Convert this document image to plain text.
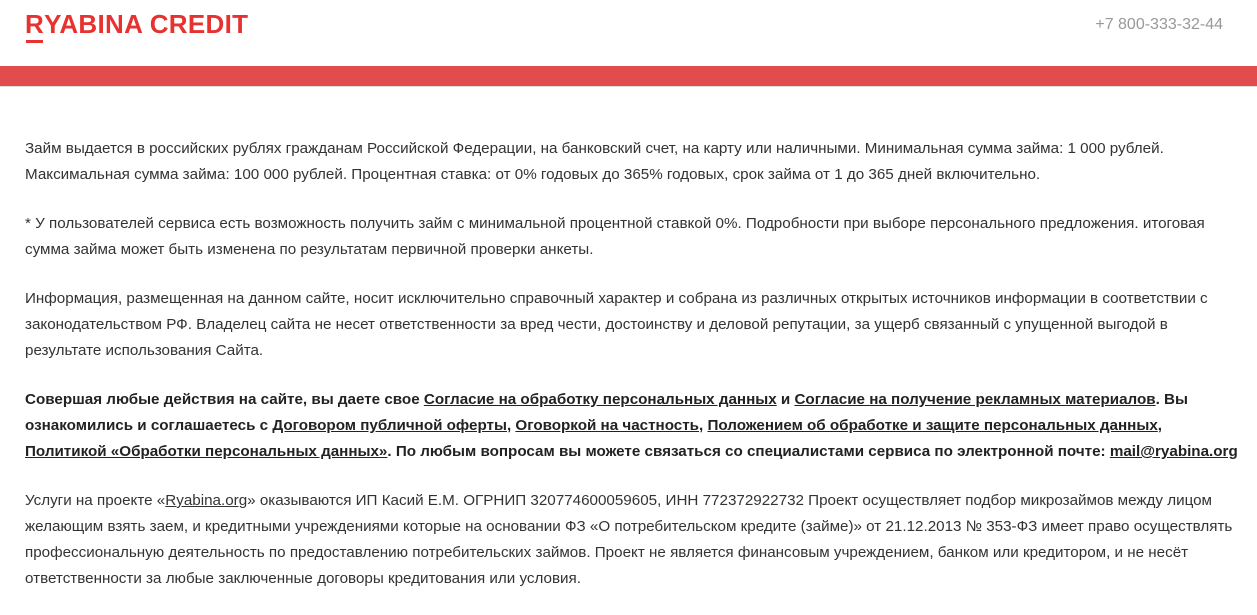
RYABINA CREDIT	+7 800-333-32-44

Займ выдается в российских рублях гражданам Российской Федерации, на банковский счет, на карту или наличными. Минимальная сумма займа: 1 000 рублей. Максимальная сумма займа: 100 000 рублей. Процентная ставка: от 0% годовых до 365% годовых, срок займа от 1 до 365 дней включительно.

* У пользователей сервиса есть возможность получить займ с минимальной процентной ставкой 0%. Подробности при выборе персонального предложения. итоговая сумма займа может быть изменена по результатам первичной проверки анкеты.

Информация, размещенная на данном сайте, носит исключительно справочный характер и собрана из различных открытых источников информации в соответствии с законодательством РФ. Владелец сайта не несет ответственности за вред чести, достоинству и деловой репутации, за ущерб связанный с упущенной выгодой в результате использования Сайта.

Совершая любые действия на сайте, вы даете свое Согласие на обработку персональных данных и Согласие на получение рекламных материалов. Вы ознакомились и соглашаетесь с Договором публичной оферты, Оговоркой на частность, Положением об обработке и защите персональных данных, Политикой «Обработки персональных данных». По любым вопросам вы можете связаться со специалистами сервиса по электронной почте: mail@ryabina.org

Услуги на проекте «Ryabina.org» оказываются ИП Касий Е.М. ОГРНИП 320774600059605, ИНН 772372922732 Проект осуществляет подбор микрозаймов между лицом желающим взять заем, и кредитными учреждениями которые на основании ФЗ «О потребительском кредите (займе)» от 21.12.2013 № 353-ФЗ имеет право осуществлять профессиональную деятельность по предоставлению потребительских займов. Проект не является финансовым учреждением, банком или кредитором, и не несёт ответственности за любые заключенные договоры кредитования или условия.
